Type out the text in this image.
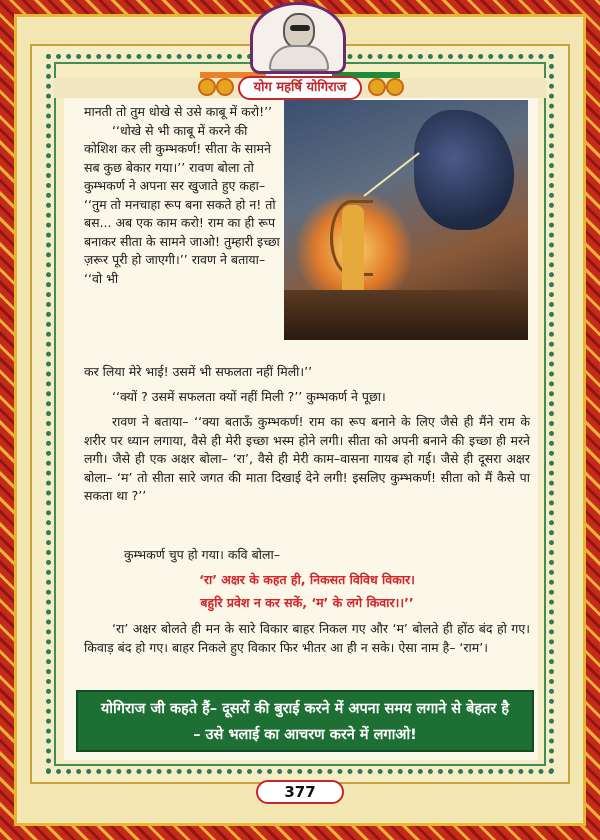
योग महर्षि योगिराज

मानती तो तुम धोखे से उसे काबू में करो!’’

‘‘धोखे से भी काबू में करने की कोशिश कर ली कुम्भकर्ण! सीता के सामने सब कुछ बेकार गया।’’ रावण बोला तो कुम्भकर्ण ने अपना सर खुजाते हुए कहा– ‘‘तुम तो मनचाहा रूप बना सकते हो न! तो बस... अब एक काम करो! राम का ही रूप बनाकर सीता के सामने जाओ! तुम्हारी इच्छा ज़रूर पूरी हो जाएगी।’’ रावण ने बताया– ‘‘वो भी

कर लिया मेरे भाई! उसमें भी सफलता नहीं मिली।’’
‘‘क्यों ? उसमें सफलता क्यों नहीं मिली ?’’ कुम्भकर्ण ने पूछा।
रावण ने बताया– ‘‘क्या बताऊँ कुम्भकर्ण! राम का रूप बनाने के लिए जैसे ही मैंने राम के शरीर पर ध्यान लगाया, वैसे ही मेरी इच्छा भस्म होने लगी। सीता को अपनी बनाने की इच्छा ही मरने लगी। जैसे ही एक अक्षर बोला– ‘रा’, वैसे ही मेरी काम–वासना गायब हो गई। जैसे ही दूसरा अक्षर बोला– ‘म’ तो सीता सारे जगत की माता दिखाई देने लगी! इसलिए कुम्भकर्ण! सीता को मैं कैसे पा सकता था ?’’
कुम्भकर्ण चुप हो गया। कवि बोला–
‘रा’ अक्षर के कहत ही, निकसत विविध विकार।
बहुरि प्रवेश न कर सकें, ‘म’ के लगे किवार।।’’
‘रा’ अक्षर बोलते ही मन के सारे विकार बाहर निकल गए और ‘म’ बोलते ही होंठ बंद हो गए। किवाड़ बंद हो गए। बाहर निकले हुए विकार फिर भीतर आ ही न सके। ऐसा नाम है– ‘राम’।
योगिराज जी कहते हैं– दूसरों की बुराई करने में अपना समय लगाने से बेहतर है
– उसे भलाई का आचरण करने में लगाओ!
377
